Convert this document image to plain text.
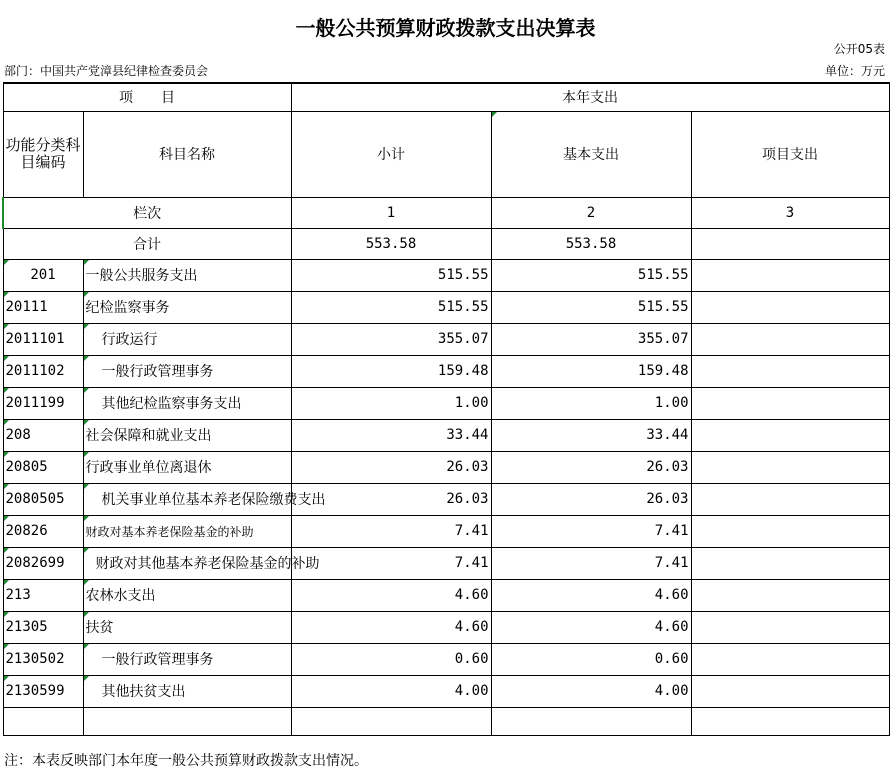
一般公共预算财政拨款支出决算表
公开05表
部门：中国共产党漳县纪律检查委员会	单位：万元
项　　目		本年支出		
功能分类科目编码	科目名称	小计	基本支出	项目支出
栏次		1	2	3
合计		553.58	553.58	
201	一般公共服务支出	515.55	515.55	
20111	纪检监察事务	515.55	515.55	
2011101	行政运行	355.07	355.07	
2011102	一般行政管理事务	159.48	159.48	
2011199	其他纪检监察事务支出	1.00	1.00	
208	社会保障和就业支出	33.44	33.44	
20805	行政事业单位离退休	26.03	26.03	
2080505	机关事业单位基本养老保险缴费支出	26.03	26.03	
20826	财政对基本养老保险基金的补助	7.41	7.41	
2082699	财政对其他基本养老保险基金的补助	7.41	7.41	
213	农林水支出	4.60	4.60	
21305	扶贫	4.60	4.60	
2130502	一般行政管理事务	0.60	0.60	
2130599	其他扶贫支出	4.00	4.00	

注：本表反映部门本年度一般公共预算财政拨款支出情况。
